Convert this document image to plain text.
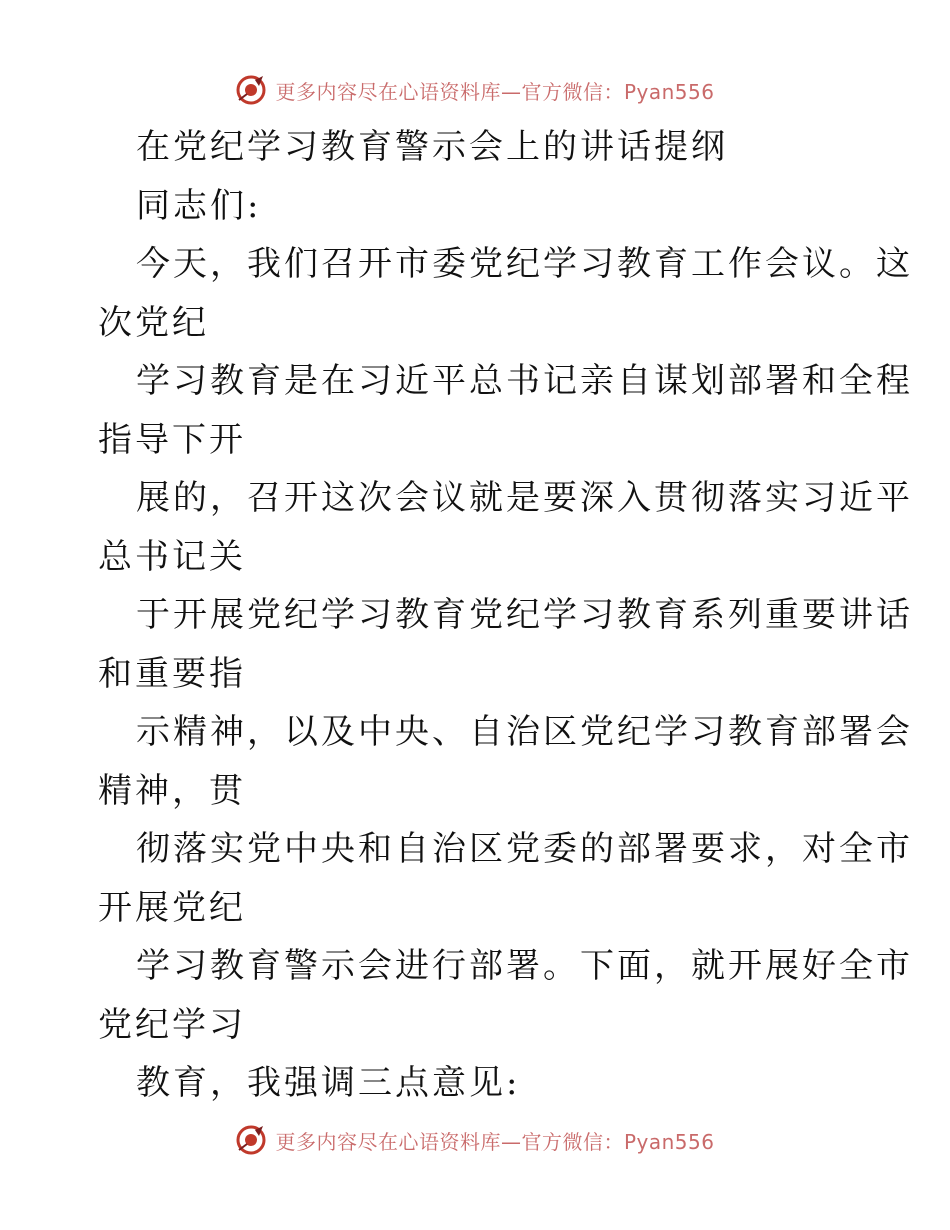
更多内容尽在心语资料库—官方微信：Pyan556
在党纪学习教育警示会上的讲话提纲
同志们:
今天，我们召开市委党纪学习教育工作会议。这
次党纪
学习教育是在习近平总书记亲自谋划部署和全程
指导下开
展的，召开这次会议就是要深入贯彻落实习近平
总书记关
于开展党纪学习教育党纪学习教育系列重要讲话
和重要指
示精神，以及中央、自治区党纪学习教育部署会
精神，贯
彻落实党中央和自治区党委的部署要求，对全市
开展党纪
学习教育警示会进行部署。下面，就开展好全市
党纪学习
教育，我强调三点意见:
更多内容尽在心语资料库—官方微信：Pyan556
